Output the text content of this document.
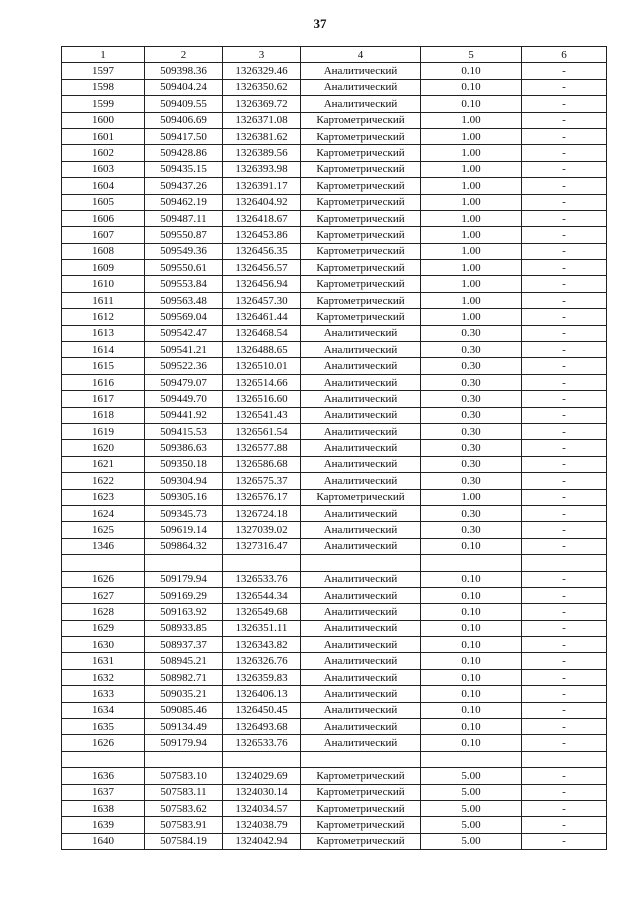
37
1	2	3	4	5	6
1597	509398.36	1326329.46	Аналитический	0.10	-
1598	509404.24	1326350.62	Аналитический	0.10	-
1599	509409.55	1326369.72	Аналитический	0.10	-
1600	509406.69	1326371.08	Картометрический	1.00	-
1601	509417.50	1326381.62	Картометрический	1.00	-
1602	509428.86	1326389.56	Картометрический	1.00	-
1603	509435.15	1326393.98	Картометрический	1.00	-
1604	509437.26	1326391.17	Картометрический	1.00	-
1605	509462.19	1326404.92	Картометрический	1.00	-
1606	509487.11	1326418.67	Картометрический	1.00	-
1607	509550.87	1326453.86	Картометрический	1.00	-
1608	509549.36	1326456.35	Картометрический	1.00	-
1609	509550.61	1326456.57	Картометрический	1.00	-
1610	509553.84	1326456.94	Картометрический	1.00	-
1611	509563.48	1326457.30	Картометрический	1.00	-
1612	509569.04	1326461.44	Картометрический	1.00	-
1613	509542.47	1326468.54	Аналитический	0.30	-
1614	509541.21	1326488.65	Аналитический	0.30	-
1615	509522.36	1326510.01	Аналитический	0.30	-
1616	509479.07	1326514.66	Аналитический	0.30	-
1617	509449.70	1326516.60	Аналитический	0.30	-
1618	509441.92	1326541.43	Аналитический	0.30	-
1619	509415.53	1326561.54	Аналитический	0.30	-
1620	509386.63	1326577.88	Аналитический	0.30	-
1621	509350.18	1326586.68	Аналитический	0.30	-
1622	509304.94	1326575.37	Аналитический	0.30	-
1623	509305.16	1326576.17	Картометрический	1.00	-
1624	509345.73	1326724.18	Аналитический	0.30	-
1625	509619.14	1327039.02	Аналитический	0.30	-
1346	509864.32	1327316.47	Аналитический	0.10	-

1626	509179.94	1326533.76	Аналитический	0.10	-
1627	509169.29	1326544.34	Аналитический	0.10	-
1628	509163.92	1326549.68	Аналитический	0.10	-
1629	508933.85	1326351.11	Аналитический	0.10	-
1630	508937.37	1326343.82	Аналитический	0.10	-
1631	508945.21	1326326.76	Аналитический	0.10	-
1632	508982.71	1326359.83	Аналитический	0.10	-
1633	509035.21	1326406.13	Аналитический	0.10	-
1634	509085.46	1326450.45	Аналитический	0.10	-
1635	509134.49	1326493.68	Аналитический	0.10	-
1626	509179.94	1326533.76	Аналитический	0.10	-

1636	507583.10	1324029.69	Картометрический	5.00	-
1637	507583.11	1324030.14	Картометрический	5.00	-
1638	507583.62	1324034.57	Картометрический	5.00	-
1639	507583.91	1324038.79	Картометрический	5.00	-
1640	507584.19	1324042.94	Картометрический	5.00	-
